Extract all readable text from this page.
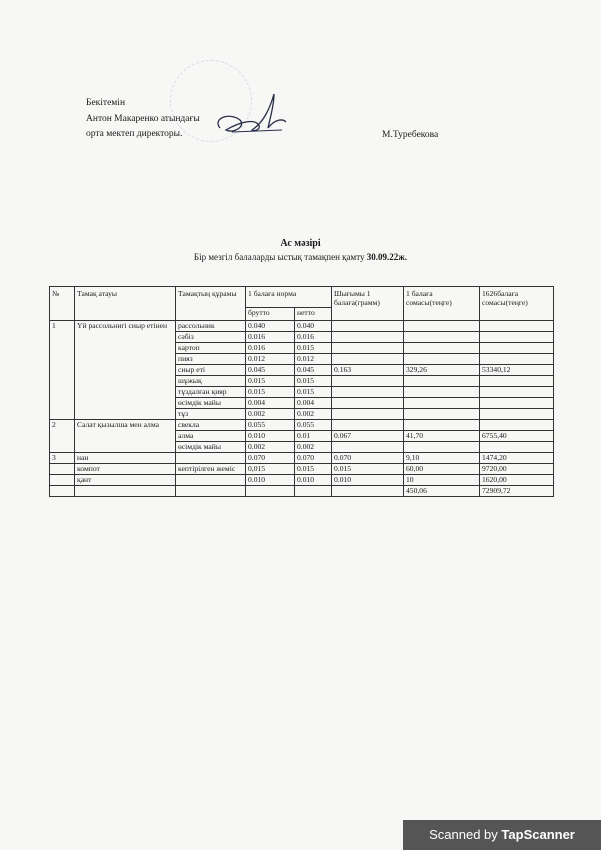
Бекітемін
Антон Макаренко атындағы
орта мектеп директоры.	М.Туребекова
Ас мәзірі
Бір мезгіл балаларды ыстық тамақпен қамту 30.09.22ж.
№	Тамақ атауы	Тамақтың құрамы	1 балаға норма		Шығымы 1 балаға(грамм)	1 балаға сомасы(теңге)	1626балаға сомасы(теңге)
			брутто	нетто			
1	Үй рассольнигі сиыр етінен	рассольник	0.040	0.040			
		сәбіз	0.016	0.016			
		картоп	0.016	0.015			
		пияз	0.012	0.012			
		сиыр еті	0.045	0.045	0.163	329,26	53340,12
		шұжық	0.015	0.015			
		тұздалған қияр	0.015	0.015			
		өсімдік майы	0.004	0.004			
		тұз	0.002	0.002			
2	Салат қызылша мен алма	свекла	0.055	0.055			
		алма	0.010	0.01	0.067	41,70	6755,40
		өсімдік майы	0.002	0.002			
3	нан		0.070	0.070	0.070	9,10	1474,20
	компот	кептірілген жеміс	0,015	0.015	0.015	60,00	9720,00
	қант		0.010	0.010	0.010	10	1620,00
						450,06	72909,72
Scanned by TapScanner
